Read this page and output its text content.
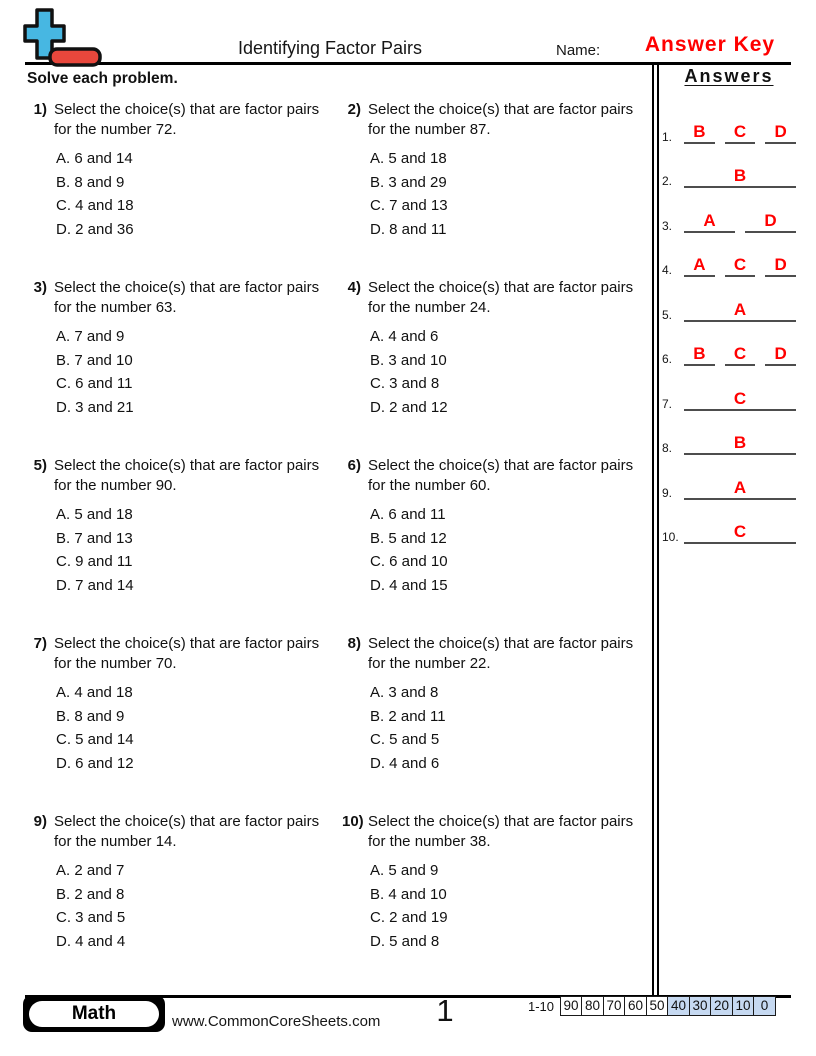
Identifying Factor Pairs	Name:	Answer Key
Solve each problem.	Answers
1.	B	C	D
2.	B
3.	A	D
4.	A	C	D
5.	A
6.	B	C	D
7.	C
8.	B
9.	A
10.	C
1) Select the choice(s) that are factor pairs for the number 72.
A. 6 and 14
B. 8 and 9
C. 4 and 18
D. 2 and 36
2) Select the choice(s) that are factor pairs for the number 87.
A. 5 and 18
B. 3 and 29
C. 7 and 13
D. 8 and 11
3) Select the choice(s) that are factor pairs for the number 63.
A. 7 and 9
B. 7 and 10
C. 6 and 11
D. 3 and 21
4) Select the choice(s) that are factor pairs for the number 24.
A. 4 and 6
B. 3 and 10
C. 3 and 8
D. 2 and 12
5) Select the choice(s) that are factor pairs for the number 90.
A. 5 and 18
B. 7 and 13
C. 9 and 11
D. 7 and 14
6) Select the choice(s) that are factor pairs for the number 60.
A. 6 and 11
B. 5 and 12
C. 6 and 10
D. 4 and 15
7) Select the choice(s) that are factor pairs for the number 70.
A. 4 and 18
B. 8 and 9
C. 5 and 14
D. 6 and 12
8) Select the choice(s) that are factor pairs for the number 22.
A. 3 and 8
B. 2 and 11
C. 5 and 5
D. 4 and 6
9) Select the choice(s) that are factor pairs for the number 14.
A. 2 and 7
B. 2 and 8
C. 3 and 5
D. 4 and 4
10) Select the choice(s) that are factor pairs for the number 38.
A. 5 and 9
B. 4 and 10
C. 2 and 19
D. 5 and 8
Math	www.CommonCoreSheets.com	1	1-10 90 80 70 60 50 40 30 20 10 0
